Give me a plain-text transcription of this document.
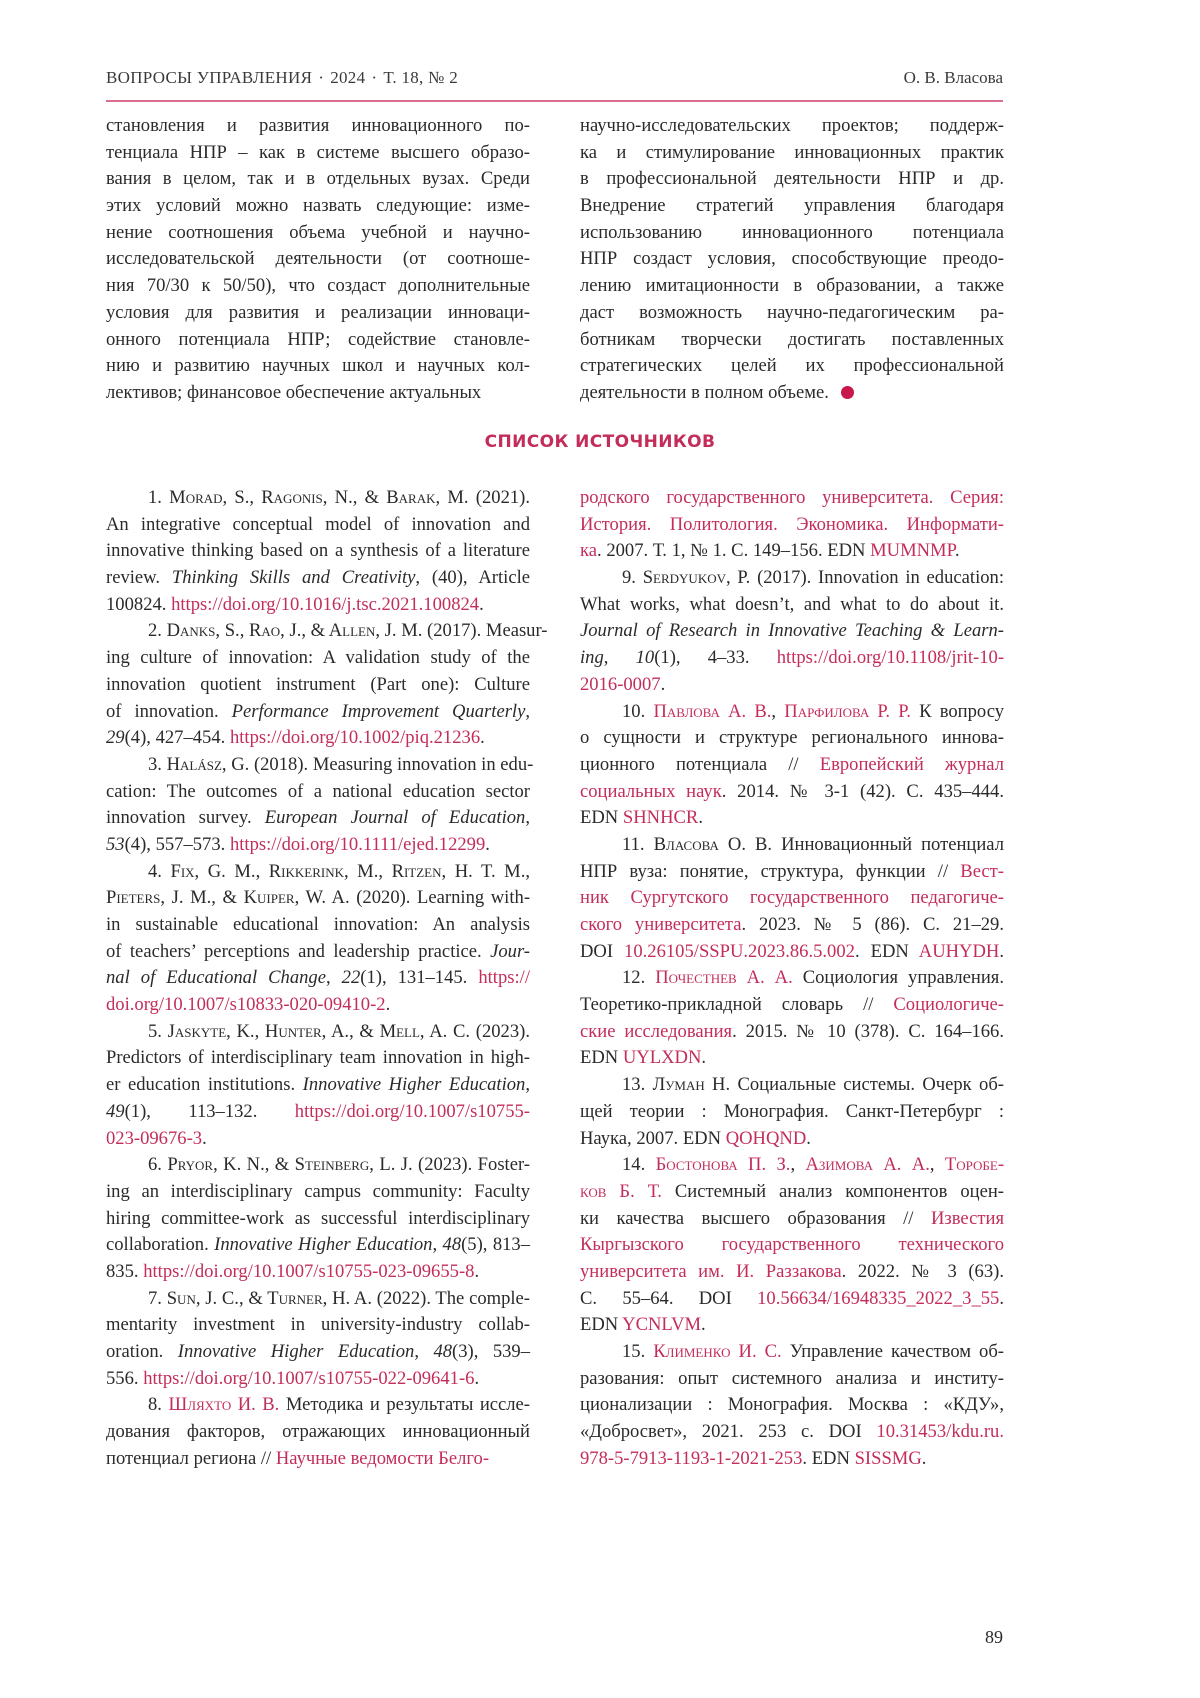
ВОПРОСЫ УПРАВЛЕНИЯ · 2024 · Т. 18, № 2	О. В. Власова
становления и развития инновационного по-
тенциала НПР – как в системе высшего образо-
вания в целом, так и в отдельных вузах. Среди
этих условий можно назвать следующие: изме-
нение соотношения объема учебной и научно-
исследовательской деятельности (от соотноше-
ния 70/30 к 50/50), что создаст дополнительные
условия для развития и реализации инноваци-
онного потенциала НПР; содействие становле-
нию и развитию научных школ и научных кол-
лективов; финансовое обеспечение актуальных
научно-исследовательских проектов; поддерж-
ка и стимулирование инновационных практик
в профессиональной деятельности НПР и др.
Внедрение стратегий управления благодаря
использованию инновационного потенциала
НПР создаст условия, способствующие преодо-
лению имитационности в образовании, а также
даст возможность научно-педагогическим ра-
ботникам творчески достигать поставленных
стратегических целей их профессиональной
деятельности в полном объеме.
СПИСОК ИСТОЧНИКОВ
1. Morad, S., Ragonis, N., & Barak, M. (2021).
An integrative conceptual model of innovation and
innovative thinking based on a synthesis of a literature
review. Thinking Skills and Creativity, (40), Article
100824. https://doi.org/10.1016/j.tsc.2021.100824.
2. Danks, S., Rao, J., & Allen, J. M. (2017). Measur-
ing culture of innovation: A validation study of the
innovation quotient instrument (Part one): Culture
of innovation. Performance Improvement Quarterly,
29(4), 427–454. https://doi.org/10.1002/piq.21236.
3. Halász, G. (2018). Measuring innovation in edu-
cation: The outcomes of a national education sector
innovation survey. European Journal of Education,
53(4), 557–573. https://doi.org/10.1111/ejed.12299.
4. Fix, G. M., Rikkerink, M., Ritzen, H. T. M.,
Pieters, J. M., & Kuiper, W. A. (2020). Learning with-
in sustainable educational innovation: An analysis
of teachers’ perceptions and leadership practice. Jour-
nal of Educational Change, 22(1), 131–145. https://
doi.org/10.1007/s10833-020-09410-2.
5. Jaskyte, K., Hunter, A., & Mell, A. C. (2023).
Predictors of interdisciplinary team innovation in high-
er education institutions. Innovative Higher Education,
49(1), 113–132. https://doi.org/10.1007/s10755-
023-09676-3.
6. Pryor, K. N., & Steinberg, L. J. (2023). Foster-
ing an interdisciplinary campus community: Faculty
hiring committee-work as successful interdisciplinary
collaboration. Innovative Higher Education, 48(5), 813–
835. https://doi.org/10.1007/s10755-023-09655-8.
7. Sun, J. C., & Turner, H. A. (2022). The comple-
mentarity investment in university-industry collab-
oration. Innovative Higher Education, 48(3), 539–
556. https://doi.org/10.1007/s10755-022-09641-6.
8. Шляхто И. В. Методика и результаты иссле-
дования факторов, отражающих инновационный
потенциал региона // Научные ведомости Белго-
родского государственного университета. Серия:
История. Политология. Экономика. Информати-
ка. 2007. Т. 1, № 1. С. 149–156. EDN MUMNMP.
9. Serdyukov, P. (2017). Innovation in education:
What works, what doesn’t, and what to do about it.
Journal of Research in Innovative Teaching & Learn-
ing, 10(1), 4–33. https://doi.org/10.1108/jrit-10-
2016-0007.
10. Павлова А. В., Парфилова Р. Р. К вопросу
о сущности и структуре регионального иннова-
ционного потенциала // Европейский журнал
социальных наук. 2014. № 3-1 (42). С. 435–444.
EDN SHNHCR.
11. Власова О. В. Инновационный потенциал
НПР вуза: понятие, структура, функции // Вест-
ник Сургутского государственного педагогиче-
ского университета. 2023. № 5 (86). С. 21–29.
DOI 10.26105/SSPU.2023.86.5.002. EDN AUHYDH.
12. Почестнев А. А. Социология управления.
Теоретико-прикладной словарь // Социологиче-
ские исследования. 2015. № 10 (378). С. 164–166.
EDN UYLXDN.
13. Луман Н. Социальные системы. Очерк об-
щей теории : Монография. Санкт-Петербург :
Наука, 2007. EDN QOHQND.
14. Бостонова П. З., Азимова А. А., Торобе-
ков Б. Т. Системный анализ компонентов оцен-
ки качества высшего образования // Известия
Кыргызского государственного технического
университета им. И. Раззакова. 2022. № 3 (63).
С. 55–64. DOI 10.56634/16948335_2022_3_55.
EDN YCNLVM.
15. Клименко И. С. Управление качеством об-
разования: опыт системного анализа и институ-
ционализации : Монография. Москва : «КДУ»,
«Добросвет», 2021. 253 с. DOI 10.31453/kdu.ru.
978-5-7913-1193-1-2021-253. EDN SISSMG.
89
